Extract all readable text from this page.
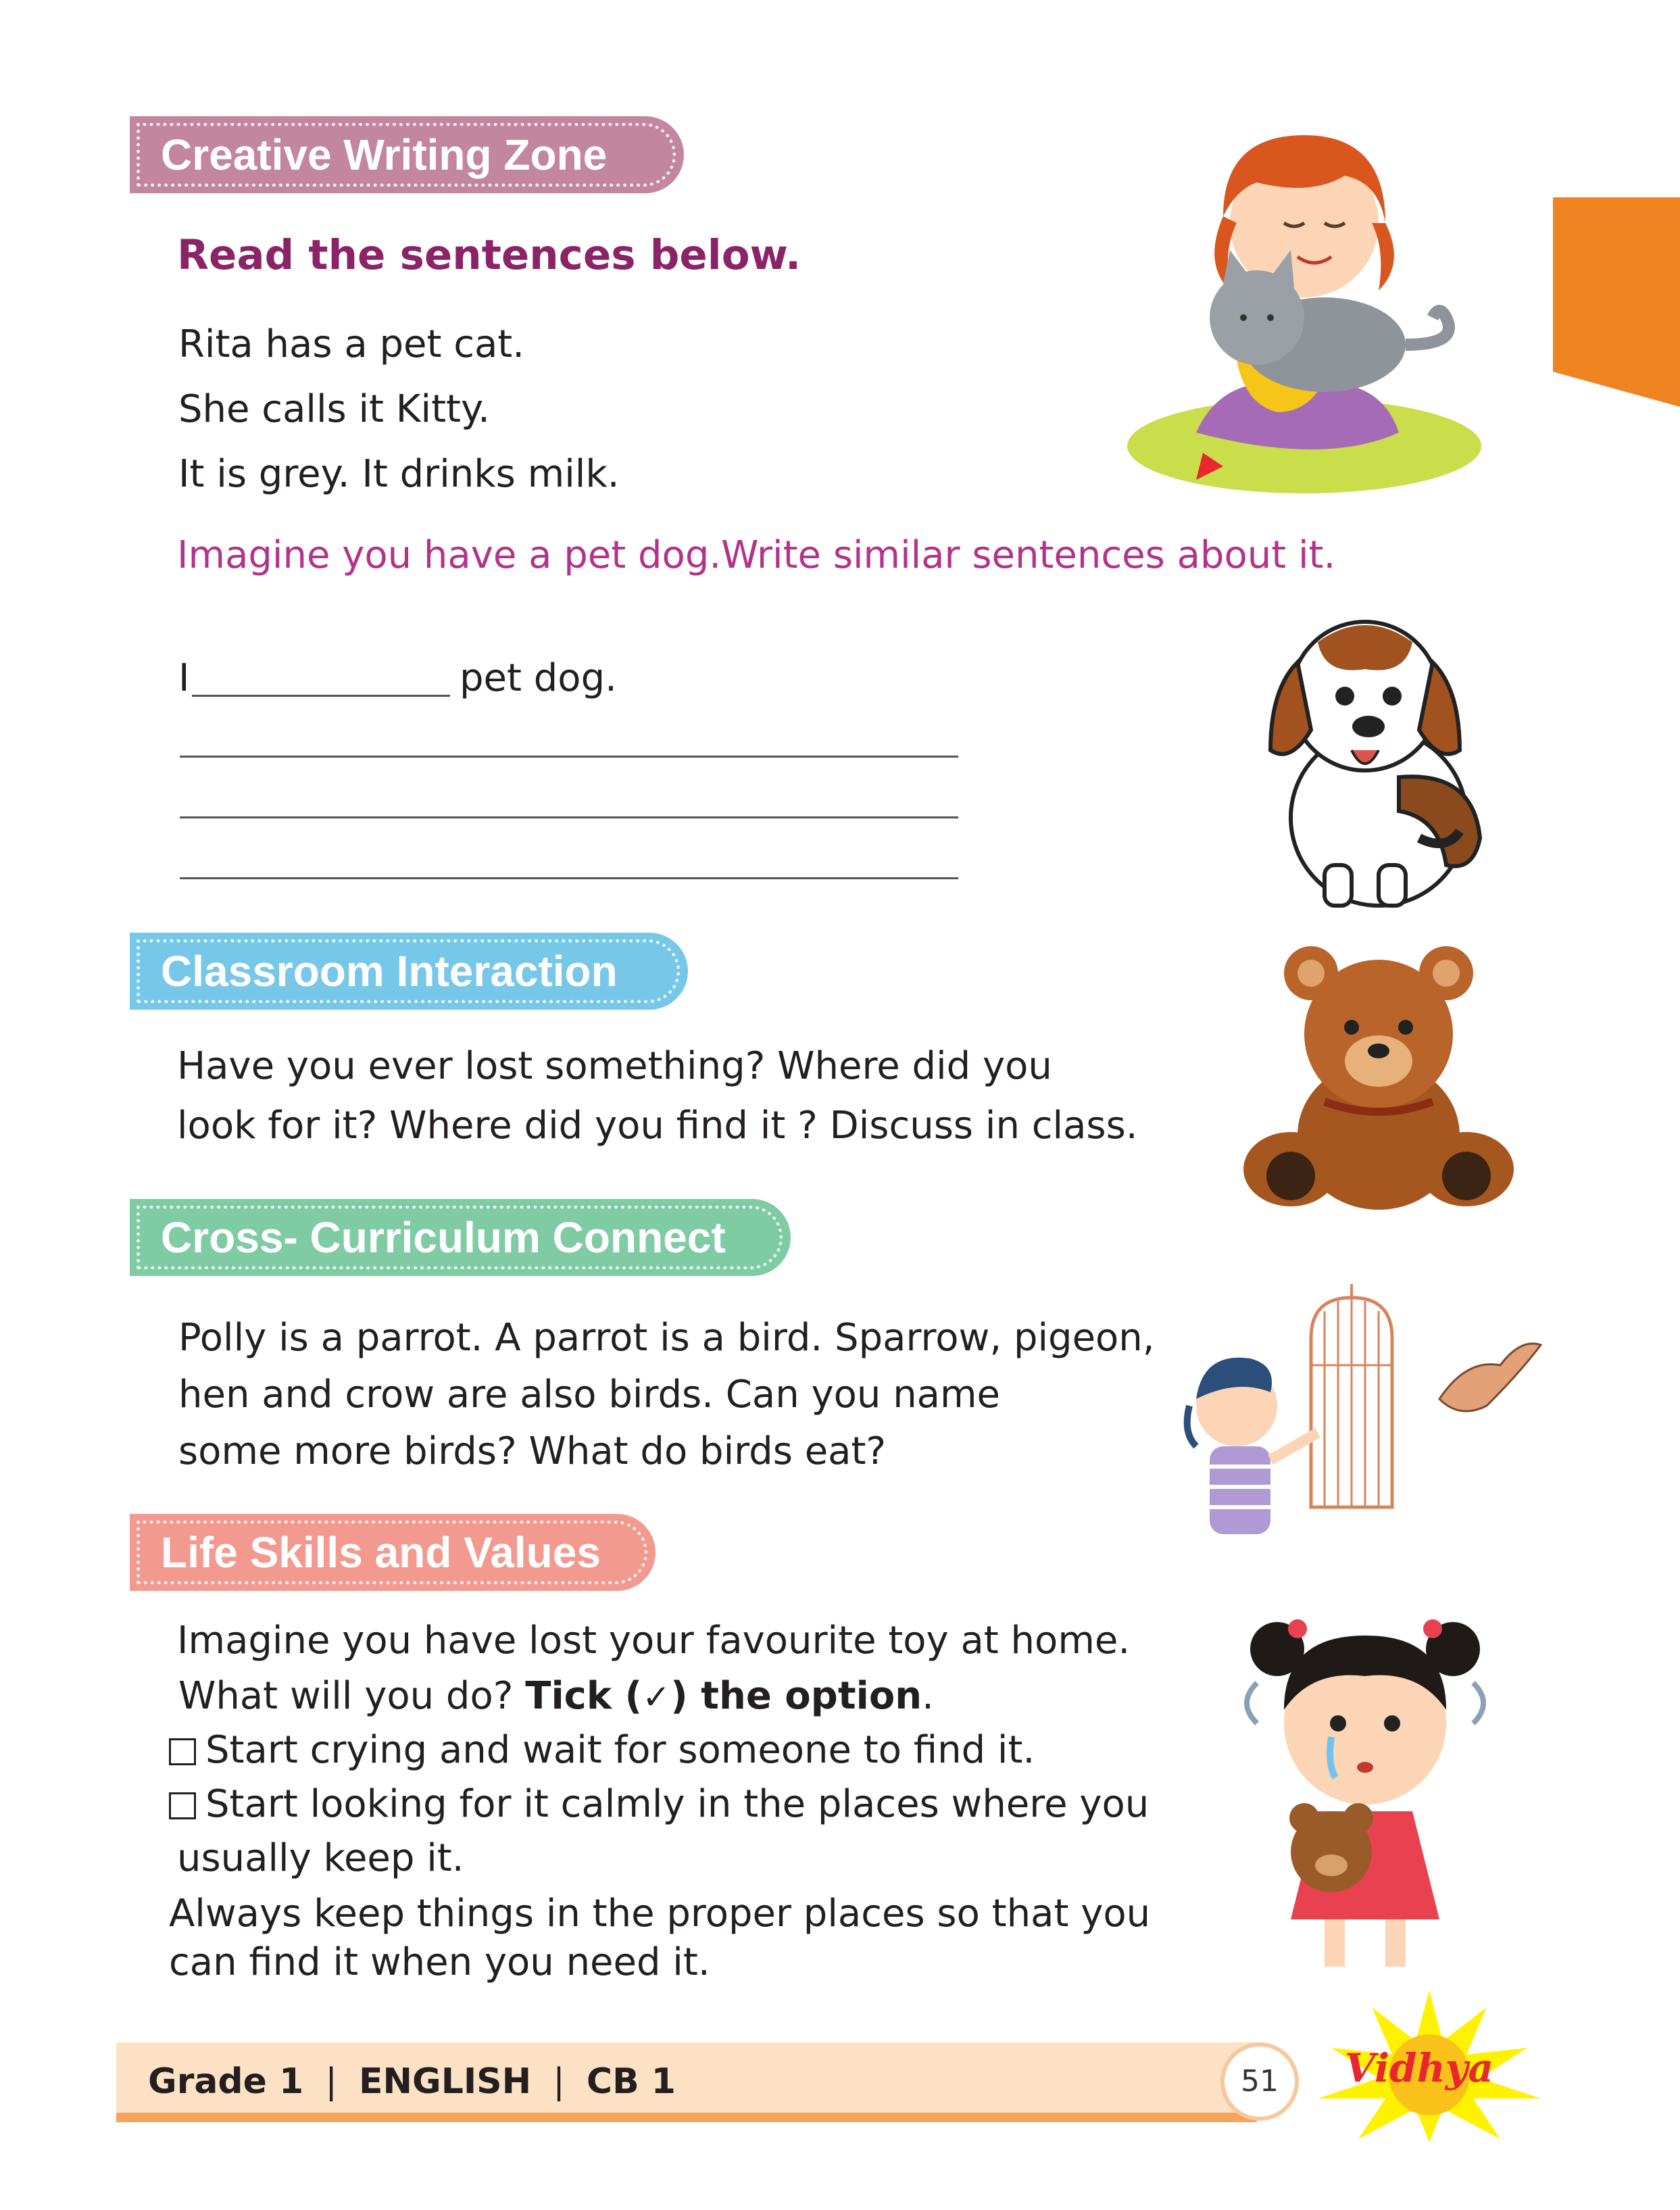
Creative Writing Zone
Read the sentences below.
Rita has a pet cat.
She calls it Kitty.
It is grey. It drinks milk.
Imagine you have a pet dog.Write similar sentences about it.
I	pet dog.
Classroom Interaction
Have you ever lost something? Where did you
look for it? Where did you find it ? Discuss in class.
Cross- Curriculum Connect
Polly is a parrot. A parrot is a bird. Sparrow, pigeon,
hen and crow are also birds. Can you name
some more birds? What do birds eat?
Life Skills and Values
Imagine you have lost your favourite toy at home.
What will you do? Tick (✓) the option.
Start crying and wait for someone to find it.
Start looking for it calmly in the places where you
usually keep it.
Always keep things in the proper places so that you
can find it when you need it.
Grade 1 | ENGLISH | CB 1	51	Vidhya
